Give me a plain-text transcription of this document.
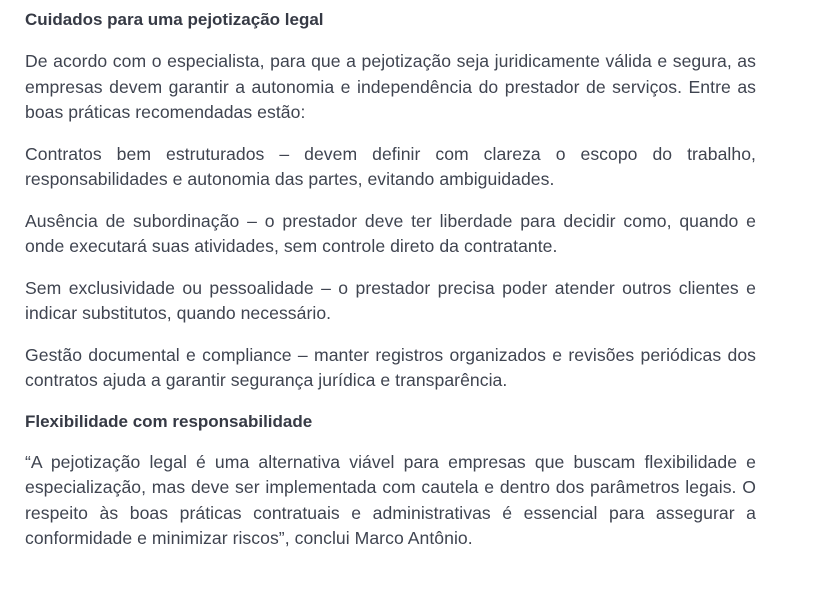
Cuidados para uma pejotização legal

De acordo com o especialista, para que a pejotização seja juridicamente válida e segura, as empresas devem garantir a autonomia e independência do prestador de serviços. Entre as boas práticas recomendadas estão:

Contratos bem estruturados – devem definir com clareza o escopo do trabalho, responsabilidades e autonomia das partes, evitando ambiguidades.

Ausência de subordinação – o prestador deve ter liberdade para decidir como, quando e onde executará suas atividades, sem controle direto da contratante.

Sem exclusividade ou pessoalidade – o prestador precisa poder atender outros clientes e indicar substitutos, quando necessário.

Gestão documental e compliance – manter registros organizados e revisões periódicas dos contratos ajuda a garantir segurança jurídica e transparência.

Flexibilidade com responsabilidade

“A pejotização legal é uma alternativa viável para empresas que buscam flexibilidade e especialização, mas deve ser implementada com cautela e dentro dos parâmetros legais. O respeito às boas práticas contratuais e administrativas é essencial para assegurar a conformidade e minimizar riscos”, conclui Marco Antônio.
